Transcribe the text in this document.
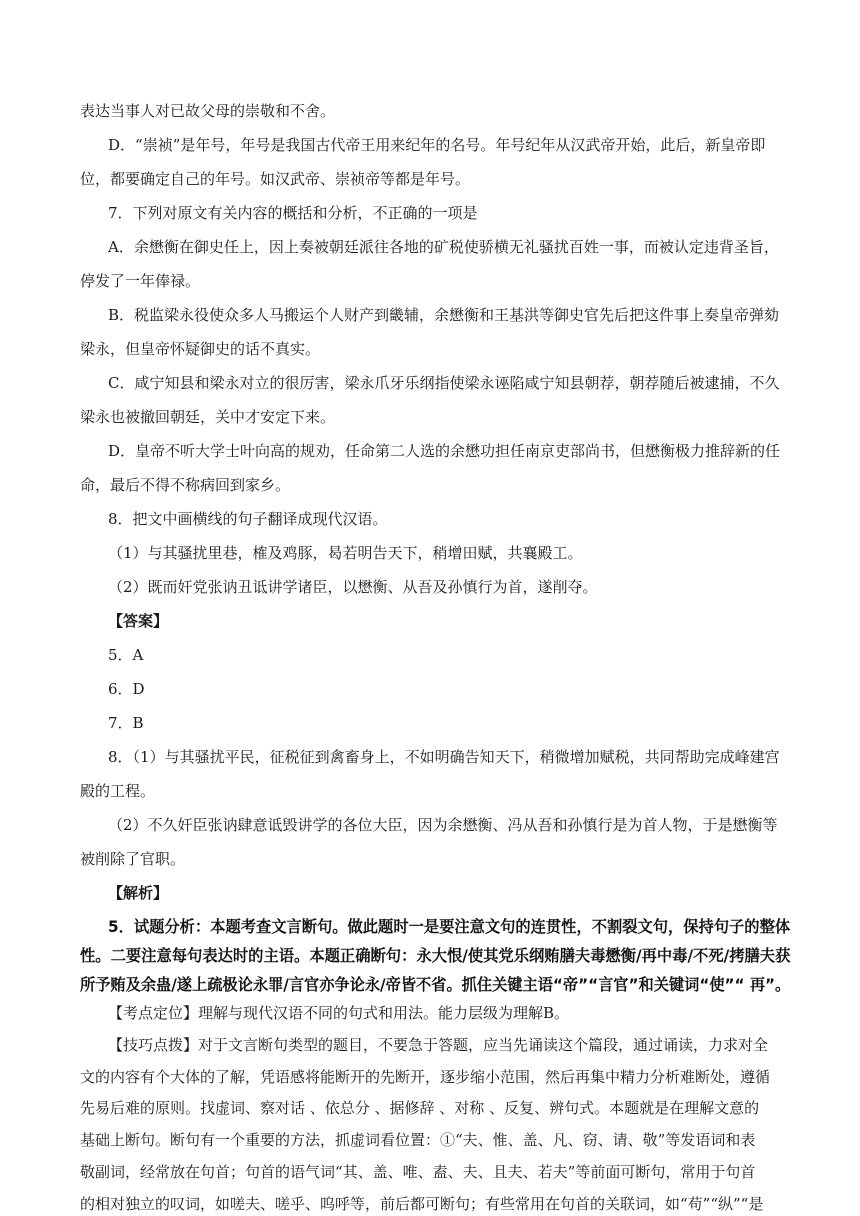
表达当事人对已故父母的崇敬和不舍。
D．“崇祯”是年号，年号是我国古代帝王用来纪年的名号。年号纪年从汉武帝开始，此后，新皇帝即
位，都要确定自己的年号。如汉武帝、崇祯帝等都是年号。
7．下列对原文有关内容的概括和分析，不正确的一项是
A．余懋衡在御史任上，因上奏被朝廷派往各地的矿税使骄横无礼骚扰百姓一事，而被认定违背圣旨，
停发了一年俸禄。
B．税监梁永役使众多人马搬运个人财产到畿辅，余懋衡和王基洪等御史官先后把这件事上奏皇帝弹劾
梁永，但皇帝怀疑御史的话不真实。
C．咸宁知县和梁永对立的很厉害，梁永爪牙乐纲指使梁永诬陷咸宁知县朝荐，朝荐随后被逮捕，不久
梁永也被撤回朝廷，关中才安定下来。
D．皇帝不听大学士叶向高的规劝，任命第二人选的余懋功担任南京吏部尚书，但懋衡极力推辞新的任
命，最后不得不称病回到家乡。
8．把文中画横线的句子翻译成现代汉语。
（1）与其骚扰里巷，榷及鸡豚，曷若明告天下，稍增田赋，共襄殿工。
（2）既而奸党张讷丑诋讲学诸臣，以懋衡、从吾及孙慎行为首，遂削夺。
【答案】
5．A
6．D
7．B
8．（1）与其骚扰平民，征税征到禽畜身上，不如明确告知天下，稍微增加赋税，共同帮助完成峰建宫
殿的工程。
（2）不久奸臣张讷肆意诋毁讲学的各位大臣，因为余懋衡、冯从吾和孙慎行是为首人物，于是懋衡等
被削除了官职。
【解析】
5．试题分析：本题考查文言断句。做此题时一是要注意文句的连贯性，不割裂文句，保持句子的整体
性。二要注意每句表达时的主语。本题正确断句：永大恨/使其党乐纲贿膳夫毒懋衡/再中毒/不死/拷膳夫获
所予贿及余蛊/遂上疏极论永罪/言官亦争论永/帝皆不省。抓住关键主语“帝”“言官”和关键词“使”“ 再”。
【考点定位】理解与现代汉语不同的句式和用法。能力层级为理解B。
【技巧点拨】对于文言断句类型的题目，不要急于答题，应当先诵读这个篇段，通过诵读，力求对全
文的内容有个大体的了解，凭语感将能断开的先断开，逐步缩小范围，然后再集中精力分析难断处，遵循
先易后难的原则。找虚词、察对话 、依总分 、据修辞 、对称 、反复、辨句式。本题就是在理解文意的
基础上断句。断句有一个重要的方法，抓虚词看位置：①“夫、惟、盖、凡、窃、请、敬”等发语词和表
敬副词，经常放在句首；句首的语气词“其、盖、唯、盍、夫、且夫、若夫”等前面可断句，常用于句首
的相对独立的叹词，如嗟夫、嗟乎、呜呼等，前后都可断句；有些常用在句首的关联词，如“苟”“纵”“是
